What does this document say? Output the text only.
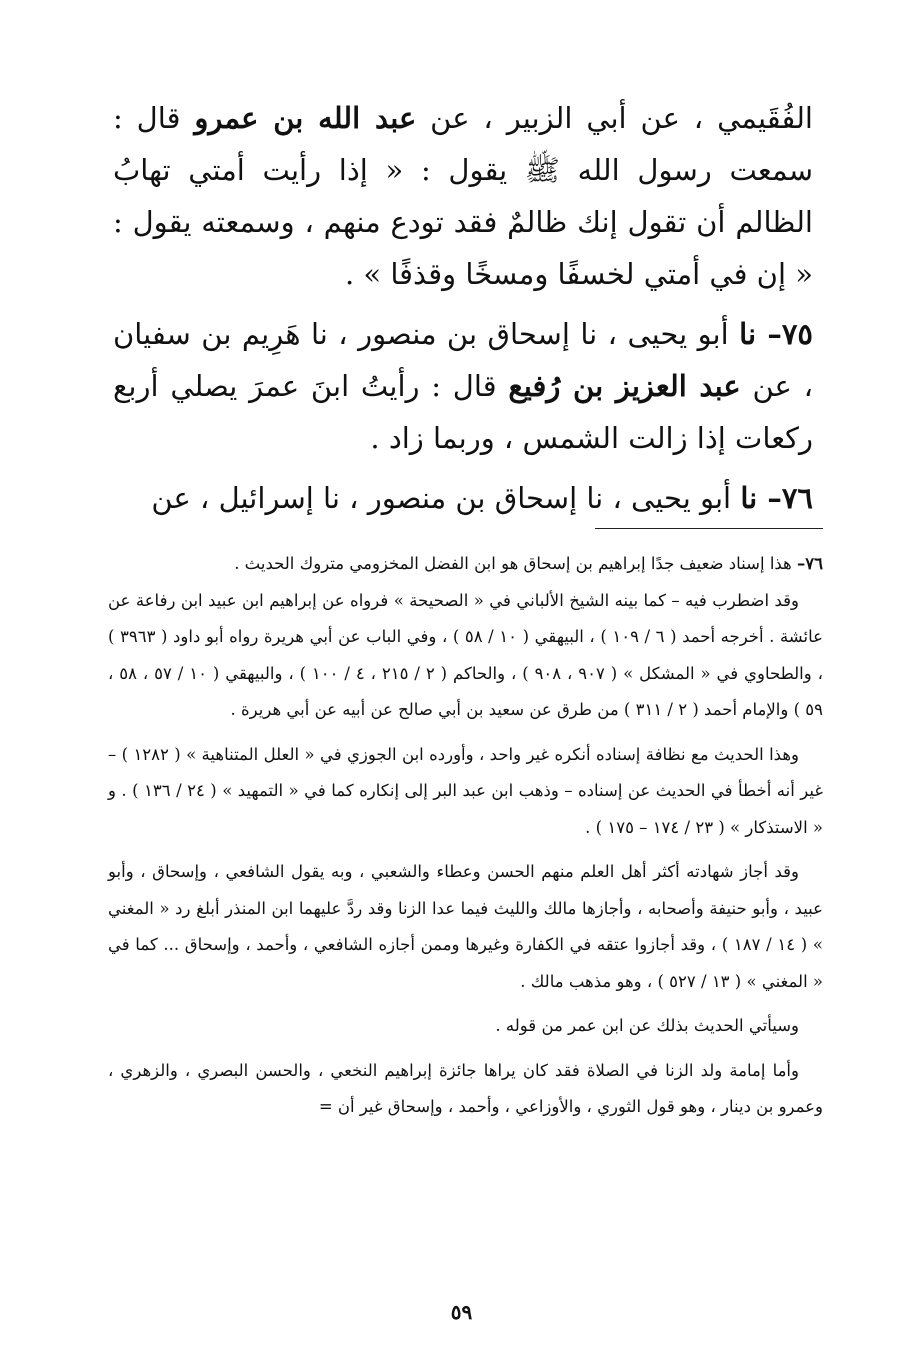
الفُقَيمي ، عن أبي الزبير ، عن عبد الله بن عمرو قال : سمعت رسول الله ﷺ يقول : « إذا رأيت أمتي تهابُ الظالم أن تقول إنك ظالمٌ فقد تودع منهم ، وسمعته يقول : « إن في أمتي لخسفًا ومسخًا وقذفًا » .

٧٥– نا أبو يحيى ، نا إسحاق بن منصور ، نا هَرِيم بن سفيان ، عن عبد العزيز بن رُفيع قال : رأيتُ ابنَ عمرَ يصلي أربع ركعات إذا زالت الشمس ، وربما زاد .

٧٦– نا أبو يحيى ، نا إسحاق بن منصور ، نا إسرائيل ، عن

٧٦– هذا إسناد ضعيف جدًا إبراهيم بن إسحاق هو ابن الفضل المخزومي متروك الحديث .

وقد اضطرب فيه – كما بينه الشيخ الألباني في « الصحيحة » فرواه عن إبراهيم ابن عبيد ابن رفاعة عن عائشة . أخرجه أحمد ( ٦ / ١٠٩ ) ، البيهقي ( ١٠ / ٥٨ ) ، وفي الباب عن أبي هريرة رواه أبو داود ( ٣٩٦٣ ) ، والطحاوي في « المشكل » ( ٩٠٧ ، ٩٠٨ ) ، والحاكم ( ٢ / ٢١٥ ، ٤ / ١٠٠ ) ، والبيهقي ( ١٠ / ٥٧ ، ٥٨ ، ٥٩ ) والإمام أحمد ( ٢ / ٣١١ ) من طرق عن سعيد بن أبي صالح عن أبيه عن أبي هريرة .

وهذا الحديث مع نظافة إسناده أنكره غير واحد ، وأورده ابن الجوزي في « العلل المتناهية » ( ١٢٨٢ ) – غير أنه أخطأ في الحديث عن إسناده – وذهب ابن عبد البر إلى إنكاره كما في « التمهيد » ( ٢٤ / ١٣٦ ) . و « الاستذكار » ( ٢٣ / ١٧٤ – ١٧٥ ) .

وقد أجاز شهادته أكثر أهل العلم منهم الحسن وعطاء والشعبي ، وبه يقول الشافعي ، وإسحاق ، وأبو عبيد ، وأبو حنيفة وأصحابه ، وأجازها مالك والليث فيما عدا الزنا وقد ردَّ عليهما ابن المنذر أبلغ رد « المغني » ( ١٤ / ١٨٧ ) ، وقد أجازوا عتقه في الكفارة وغيرها وممن أجازه الشافعي ، وأحمد ، وإسحاق ... كما في « المغني » ( ١٣ / ٥٢٧ ) ، وهو مذهب مالك .

وسيأتي الحديث بذلك عن ابن عمر من قوله .

وأما إمامة ولد الزنا في الصلاة فقد كان يراها جائزة إبراهيم النخعي ، والحسن البصري ، والزهري ، وعمرو بن دينار ، وهو قول الثوري ، والأوزاعي ، وأحمد ، وإسحاق غير أن =

٥٩
